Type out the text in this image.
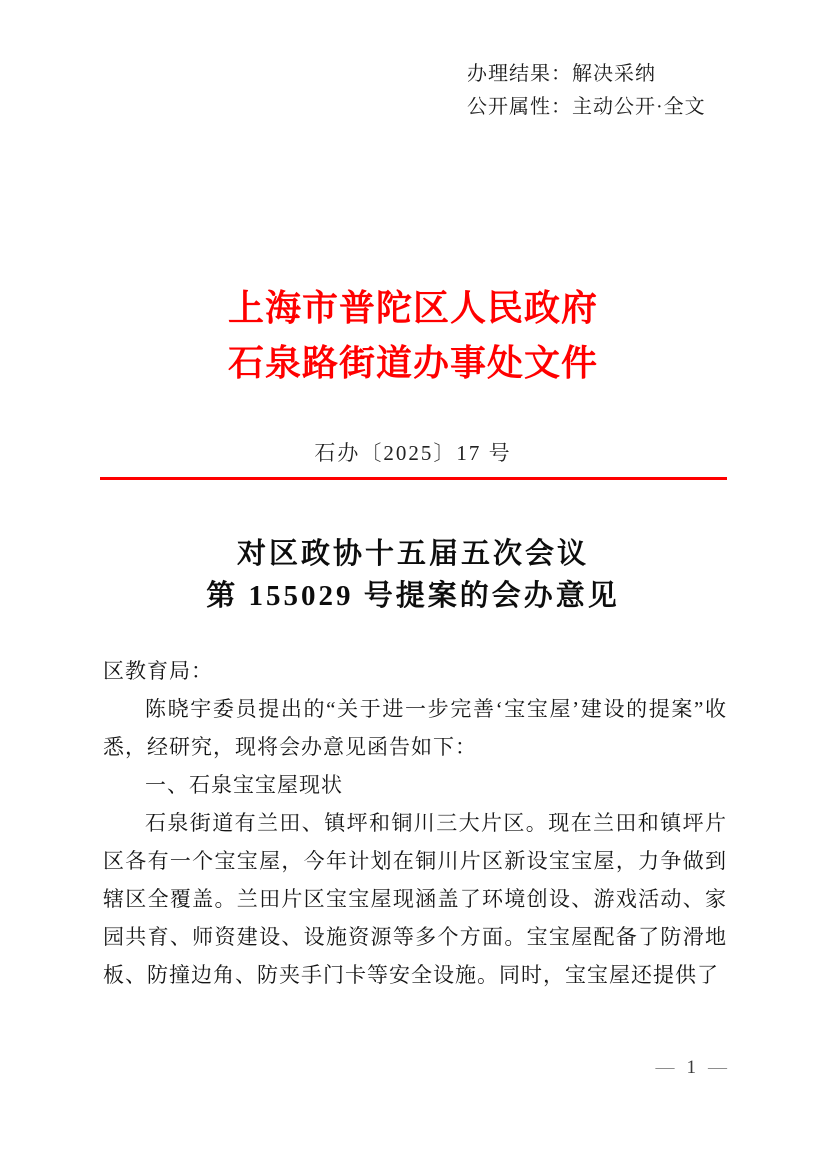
办理结果：解决采纳
公开属性：主动公开·全文
上海市普陀区人民政府
石泉路街道办事处文件
石办〔2025〕17 号
对区政协十五届五次会议
第 155029 号提案的会办意见

区教育局：

陈晓宇委员提出的“关于进一步完善‘宝宝屋’建设的提案”收悉，经研究，现将会办意见函告如下：

一、石泉宝宝屋现状

石泉街道有兰田、镇坪和铜川三大片区。现在兰田和镇坪片区各有一个宝宝屋，今年计划在铜川片区新设宝宝屋，力争做到辖区全覆盖。兰田片区宝宝屋现涵盖了环境创设、游戏活动、家园共育、师资建设、设施资源等多个方面。宝宝屋配备了防滑地板、防撞边角、防夹手门卡等安全设施。同时，宝宝屋还提供了

— 1 —
